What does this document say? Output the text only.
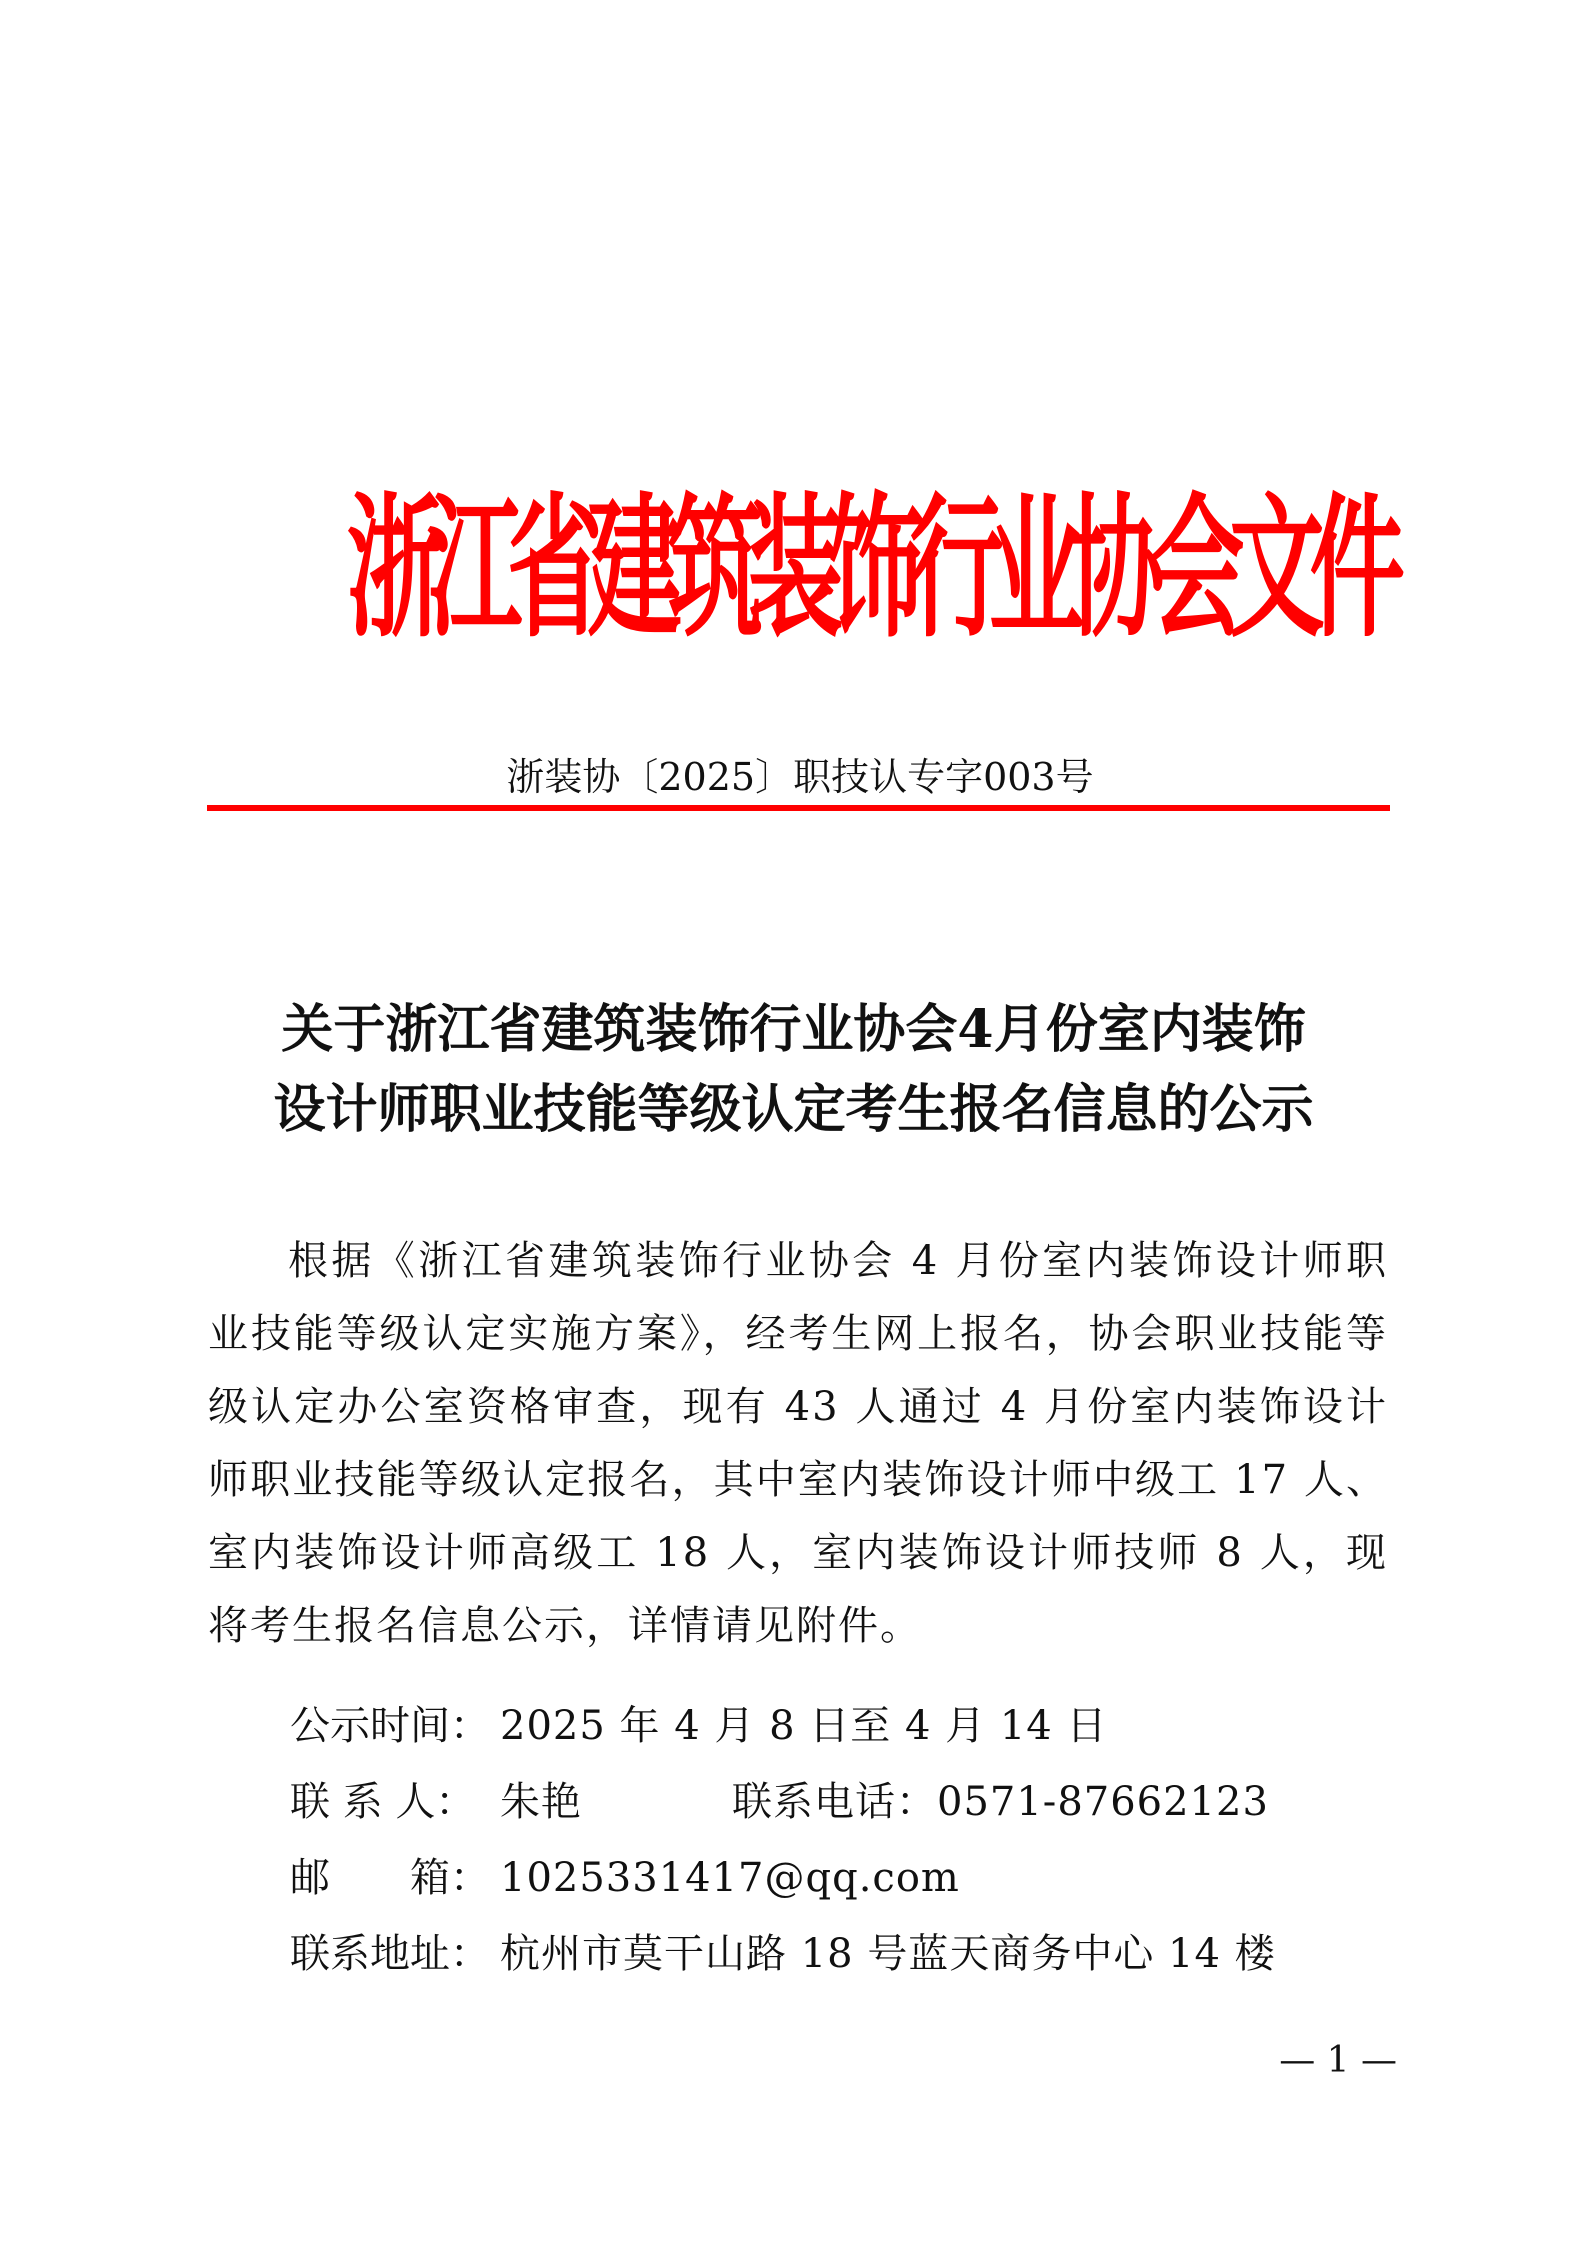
浙江省建筑装饰行业协会文件
浙装协〔2025〕职技认专字003号
关于浙江省建筑装饰行业协会4月份室内装饰
设计师职业技能等级认定考生报名信息的公示

根据《浙江省建筑装饰行业协会 4 月份室内装饰设计师职业技能等级认定实施方案》，经考生网上报名，协会职业技能等级认定办公室资格审查，现有 43 人通过 4 月份室内装饰设计师职业技能等级认定报名，其中室内装饰设计师中级工 17 人、室内装饰设计师高级工 18 人，室内装饰设计师技师 8 人，现将考生报名信息公示，详情请见附件。

公示时间： 2025 年 4 月 8 日至 4 月 14 日
联 系 人： 朱艳	联系电话： 0571-87662123
邮　　箱： 1025331417@qq.com
联系地址： 杭州市莫干山路 18 号蓝天商务中心 14 楼
— 1 —
